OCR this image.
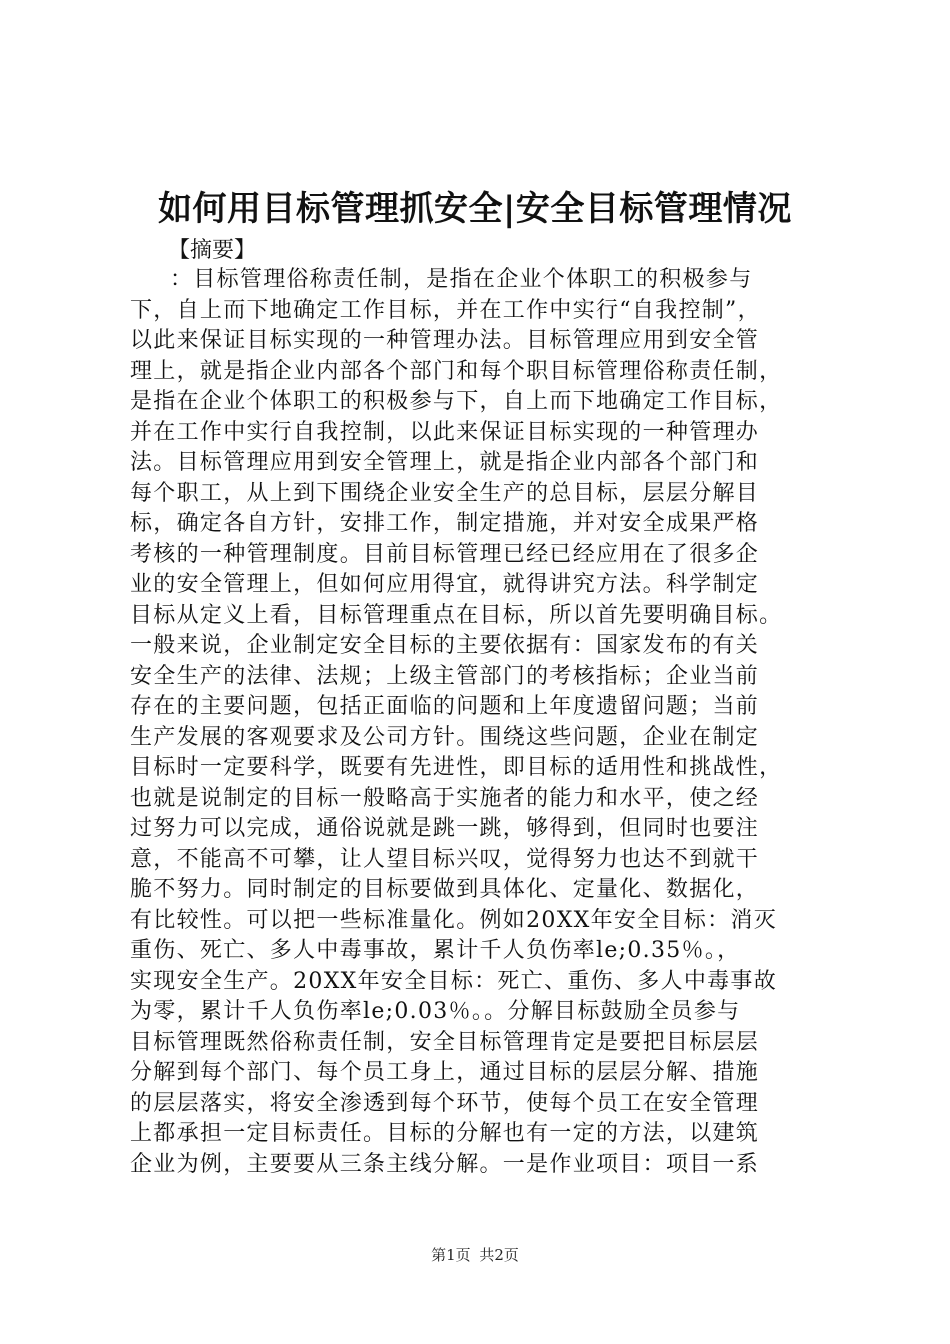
如何用目标管理抓安全|安全目标管理情况
【摘要】
：目标管理俗称责任制，是指在企业个体职工的积极参与
下，自上而下地确定工作目标，并在工作中实行“自我控制”，
以此来保证目标实现的一种管理办法。目标管理应用到安全管
理上，就是指企业内部各个部门和每个职目标管理俗称责任制，
是指在企业个体职工的积极参与下，自上而下地确定工作目标，
并在工作中实行自我控制，以此来保证目标实现的一种管理办
法。目标管理应用到安全管理上，就是指企业内部各个部门和
每个职工，从上到下围绕企业安全生产的总目标，层层分解目
标，确定各自方针，安排工作，制定措施，并对安全成果严格
考核的一种管理制度。目前目标管理已经已经应用在了很多企
业的安全管理上，但如何应用得宜，就得讲究方法。科学制定
目标从定义上看，目标管理重点在目标，所以首先要明确目标。
一般来说，企业制定安全目标的主要依据有：国家发布的有关
安全生产的法律、法规；上级主管部门的考核指标；企业当前
存在的主要问题，包括正面临的问题和上年度遗留问题；当前
生产发展的客观要求及公司方针。围绕这些问题，企业在制定
目标时一定要科学，既要有先进性，即目标的适用性和挑战性，
也就是说制定的目标一般略高于实施者的能力和水平，使之经
过努力可以完成，通俗说就是跳一跳，够得到，但同时也要注
意，不能高不可攀，让人望目标兴叹，觉得努力也达不到就干
脆不努力。同时制定的目标要做到具体化、定量化、数据化，
有比较性。可以把一些标准量化。例如20XX年安全目标：消灭
重伤、死亡、多人中毒事故，累计千人负伤率le;0.35％。，
实现安全生产。20XX年安全目标：死亡、重伤、多人中毒事故
为零，累计千人负伤率le;0.03％。。分解目标鼓励全员参与
目标管理既然俗称责任制，安全目标管理肯定是要把目标层层
分解到每个部门、每个员工身上，通过目标的层层分解、措施
的层层落实，将安全渗透到每个环节，使每个员工在安全管理
上都承担一定目标责任。目标的分解也有一定的方法，以建筑
企业为例，主要要从三条主线分解。一是作业项目：项目一系
第1页 共2页
